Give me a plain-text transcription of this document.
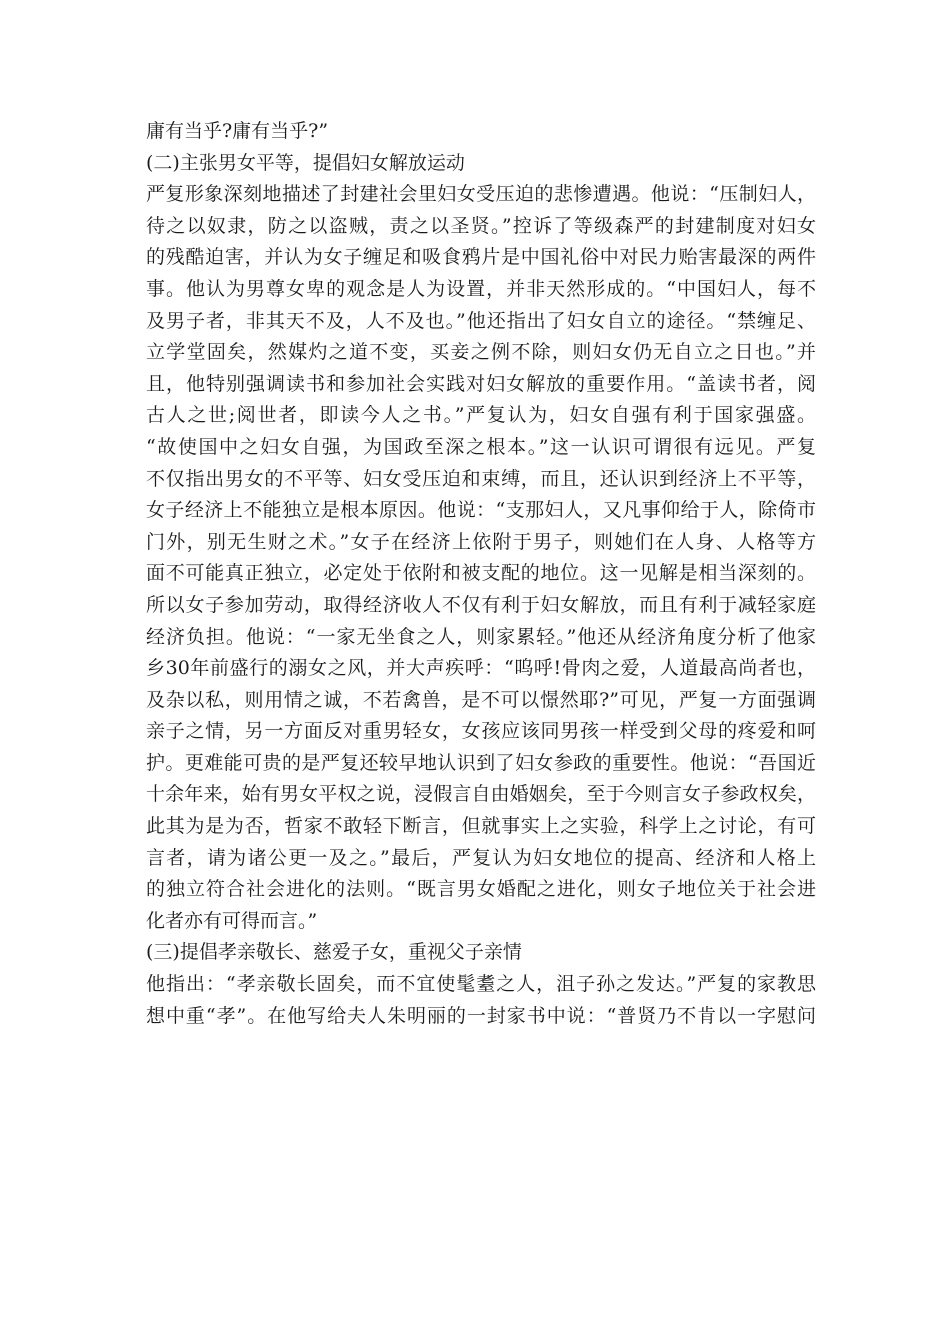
庸有当乎?庸有当乎?”
(二)主张男女平等，提倡妇女解放运动
严复形象深刻地描述了封建社会里妇女受压迫的悲惨遭遇。他说：“压制妇人，
待之以奴隶，防之以盗贼，责之以圣贤。”控诉了等级森严的封建制度对妇女
的残酷迫害，并认为女子缠足和吸食鸦片是中国礼俗中对民力贻害最深的两件
事。他认为男尊女卑的观念是人为设置，并非天然形成的。“中国妇人，每不
及男子者，非其天不及，人不及也。”他还指出了妇女自立的途径。“禁缠足、
立学堂固矣，然媒灼之道不变，买妾之例不除，则妇女仍无自立之日也。”并
且，他特别强调读书和参加社会实践对妇女解放的重要作用。“盖读书者，阅
古人之世;阅世者，即读今人之书。”严复认为，妇女自强有利于国家强盛。
“故使国中之妇女自强，为国政至深之根本。”这一认识可谓很有远见。严复
不仅指出男女的不平等、妇女受压迫和束缚，而且，还认识到经济上不平等，
女子经济上不能独立是根本原因。他说：“支那妇人，又凡事仰给于人，除倚市
门外，别无生财之术。”女子在经济上依附于男子，则她们在人身、人格等方
面不可能真正独立，必定处于依附和被支配的地位。这一见解是相当深刻的。
所以女子参加劳动，取得经济收人不仅有利于妇女解放，而且有利于减轻家庭
经济负担。他说：“一家无坐食之人，则家累轻。”他还从经济角度分析了他家
乡30年前盛行的溺女之风，并大声疾呼：“呜呼!骨肉之爱，人道最高尚者也，
及杂以私，则用情之诚，不若禽兽，是不可以憬然耶?”可见，严复一方面强调
亲子之情，另一方面反对重男轻女，女孩应该同男孩一样受到父母的疼爱和呵
护。更难能可贵的是严复还较早地认识到了妇女参政的重要性。他说：“吾国近
十余年来，始有男女平权之说，浸假言自由婚姻矣，至于今则言女子参政权矣，
此其为是为否，哲家不敢轻下断言，但就事实上之实验，科学上之讨论，有可
言者，请为诸公更一及之。”最后，严复认为妇女地位的提高、经济和人格上
的独立符合社会进化的法则。“既言男女婚配之进化，则女子地位关于社会进
化者亦有可得而言。”
(三)提倡孝亲敬长、慈爱子女，重视父子亲情
他指出：“孝亲敬长固矣，而不宜使髦耋之人，沮子孙之发达。”严复的家教思
想中重“孝”。在他写给夫人朱明丽的一封家书中说：“普贤乃不肯以一字慰问
